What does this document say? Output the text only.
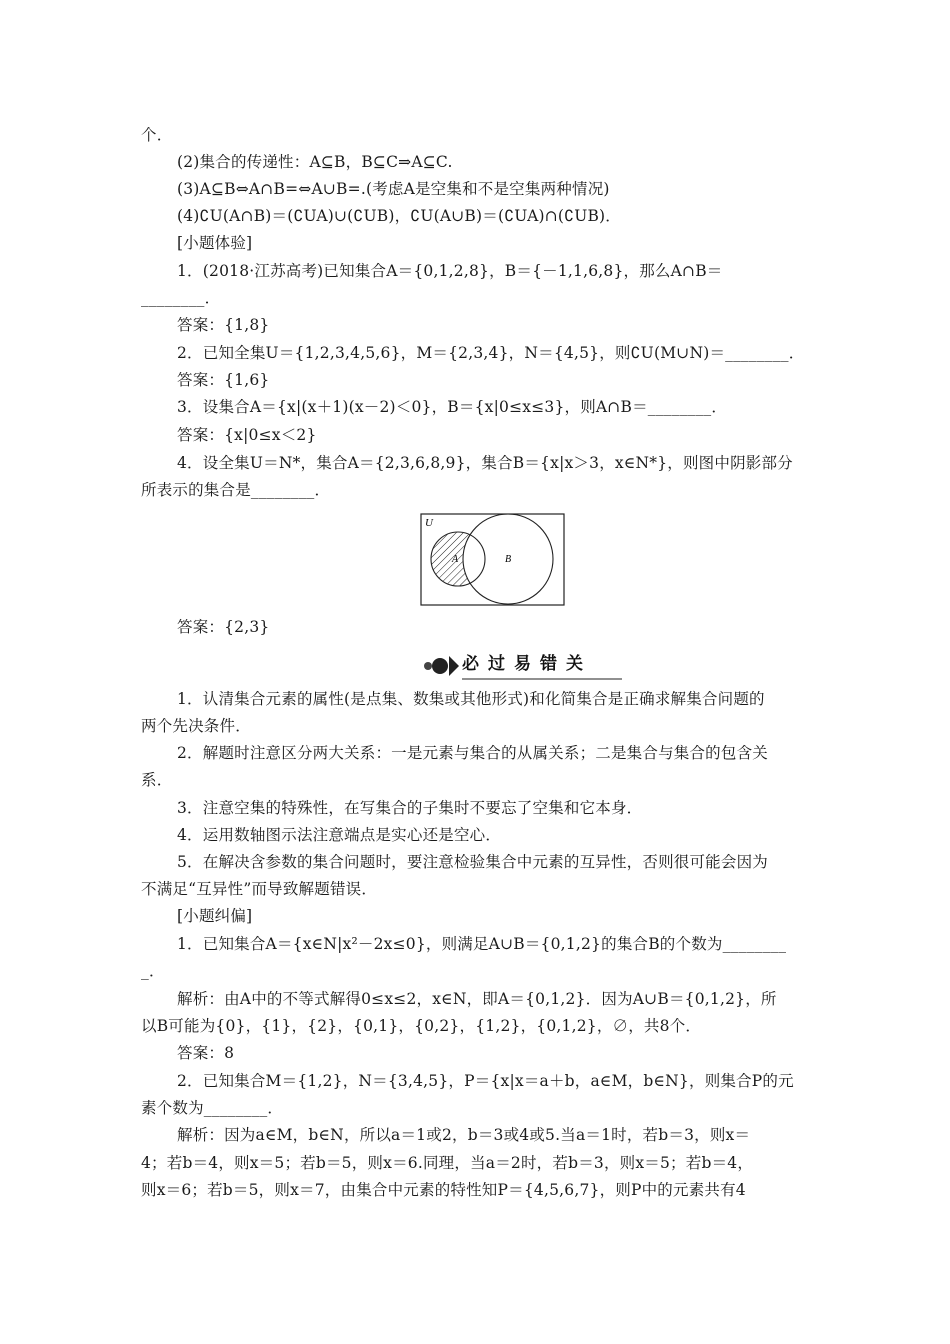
个．
(2)集合的传递性：A⊆B，B⊆C⇒A⊆C.
(3)A⊆B⇔A∩B=⇔A∪B=.(考虑A是空集和不是空集两种情况)
(4)∁U(A∩B)＝(∁UA)∪(∁UB)，∁U(A∪B)＝(∁UA)∩(∁UB)．
[小题体验]
1．(2018·江苏高考)已知集合A＝{0,1,2,8}，B＝{－1,1,6,8}，那么A∩B＝
________．
答案：{1,8}
2．已知全集U＝{1,2,3,4,5,6}，M＝{2,3,4}，N＝{4,5}，则∁U(M∪N)＝________．
答案：{1,6}
3．设集合A＝{x|(x＋1)(x－2)＜0}，B＝{x|0≤x≤3}，则A∩B＝________．
答案：{x|0≤x＜2}
4．设全集U＝N*，集合A＝{2,3,6,8,9}，集合B＝{x|x＞3，x∈N*}，则图中阴影部分
所表示的集合是________．
U
A	B
答案：{2,3}
必过易错关
1．认清集合元素的属性(是点集、数集或其他形式)和化简集合是正确求解集合问题的
两个先决条件．
2．解题时注意区分两大关系：一是元素与集合的从属关系；二是集合与集合的包含关
系．
3．注意空集的特殊性，在写集合的子集时不要忘了空集和它本身．
4．运用数轴图示法注意端点是实心还是空心．
5．在解决含参数的集合问题时，要注意检验集合中元素的互异性，否则很可能会因为
不满足“互异性”而导致解题错误．
[小题纠偏]
1．已知集合A＝{x∈N|x²－2x≤0}，则满足A∪B＝{0,1,2}的集合B的个数为________
_．
解析：由A中的不等式解得0≤x≤2，x∈N，即A＝{0,1,2}．因为A∪B＝{0,1,2}，所
以B可能为{0}，{1}，{2}，{0,1}，{0,2}，{1,2}，{0,1,2}，∅，共8个．
答案：8
2．已知集合M＝{1,2}，N＝{3,4,5}，P＝{x|x＝a＋b，a∈M，b∈N}，则集合P的元
素个数为________．
解析：因为a∈M，b∈N，所以a＝1或2，b＝3或4或5.当a＝1时，若b＝3，则x＝
4；若b＝4，则x＝5；若b＝5，则x＝6.同理，当a＝2时，若b＝3，则x＝5；若b＝4，
则x＝6；若b＝5，则x＝7，由集合中元素的特性知P＝{4,5,6,7}，则P中的元素共有4
